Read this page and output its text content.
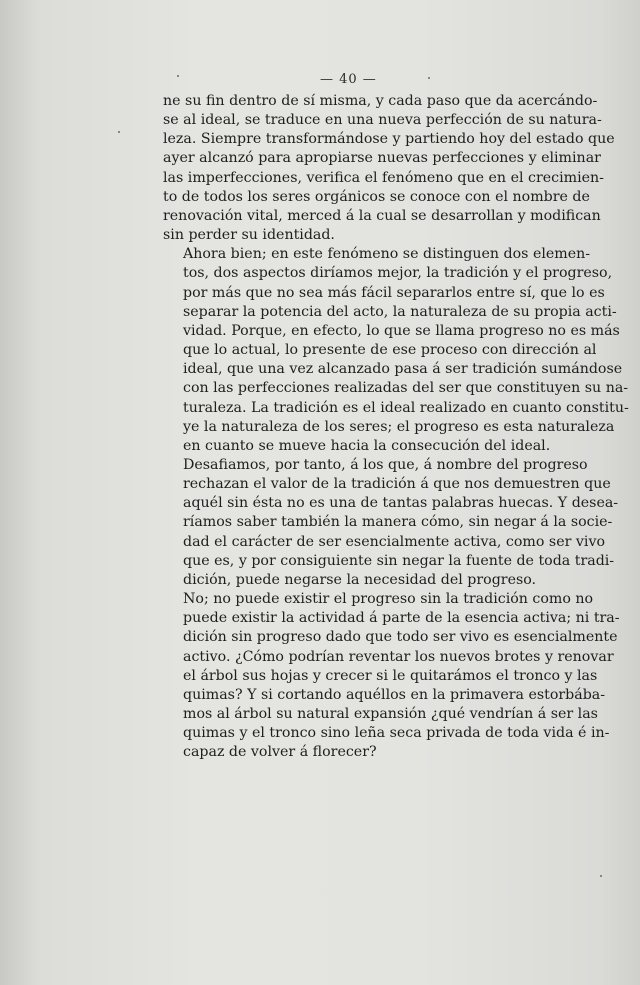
— 40 —

ne su fin dentro de sí misma, y cada paso que da acercándo-
se al ideal, se traduce en una nueva perfección de su natura-
leza. Siempre transformándose y partiendo hoy del estado que
ayer alcanzó para apropiarse nuevas perfecciones y eliminar
las imperfecciones, verifica el fenómeno que en el crecimien-
to de todos los seres orgánicos se conoce con el nombre de
renovación vital, merced á la cual se desarrollan y modifican
sin perder su identidad.

Ahora bien; en este fenómeno se distinguen dos elemen-
tos, dos aspectos diríamos mejor, la tradición y el progreso,
por más que no sea más fácil separarlos entre sí, que lo es
separar la potencia del acto, la naturaleza de su propia acti-
vidad. Porque, en efecto, lo que se llama progreso no es más
que lo actual, lo presente de ese proceso con dirección al
ideal, que una vez alcanzado pasa á ser tradición sumándose
con las perfecciones realizadas del ser que constituyen su na-
turaleza. La tradición es el ideal realizado en cuanto constitu-
ye la naturaleza de los seres; el progreso es esta naturaleza
en cuanto se mueve hacia la consecución del ideal.

Desafiamos, por tanto, á los que, á nombre del progreso
rechazan el valor de la tradición á que nos demuestren que
aquél sin ésta no es una de tantas palabras huecas. Y desea-
ríamos saber también la manera cómo, sin negar á la socie-
dad el carácter de ser esencialmente activa, como ser vivo
que es, y por consiguiente sin negar la fuente de toda tradi-
dición, puede negarse la necesidad del progreso.

No; no puede existir el progreso sin la tradición como no
puede existir la actividad á parte de la esencia activa; ni tra-
dición sin progreso dado que todo ser vivo es esencialmente
activo. ¿Cómo podrían reventar los nuevos brotes y renovar
el árbol sus hojas y crecer si le quitarámos el tronco y las
quimas? Y si cortando aquéllos en la primavera estorbába-
mos al árbol su natural expansión ¿qué vendrían á ser las
quimas y el tronco sino leña seca privada de toda vida é in-
capaz de volver á florecer?
